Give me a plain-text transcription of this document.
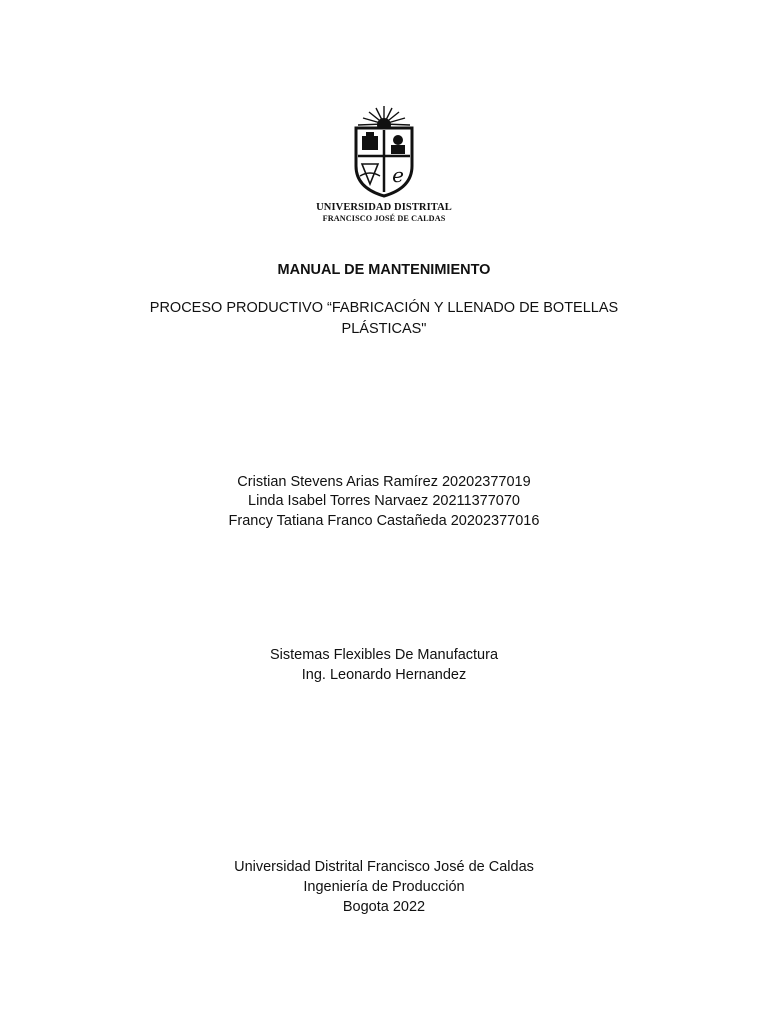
e
UNIVERSIDAD DISTRITAL
FRANCISCO JOSÉ DE CALDAS
MANUAL DE MANTENIMIENTO
PROCESO PRODUCTIVO “FABRICACIÓN Y LLENADO DE BOTELLAS
PLÁSTICAS"
Cristian Stevens Arias Ramírez 20202377019
Linda Isabel Torres Narvaez 20211377070
Francy Tatiana Franco Castañeda 20202377016
Sistemas Flexibles De Manufactura
Ing. Leonardo Hernandez
Universidad Distrital Francisco José de Caldas
Ingeniería de Producción
Bogota 2022
